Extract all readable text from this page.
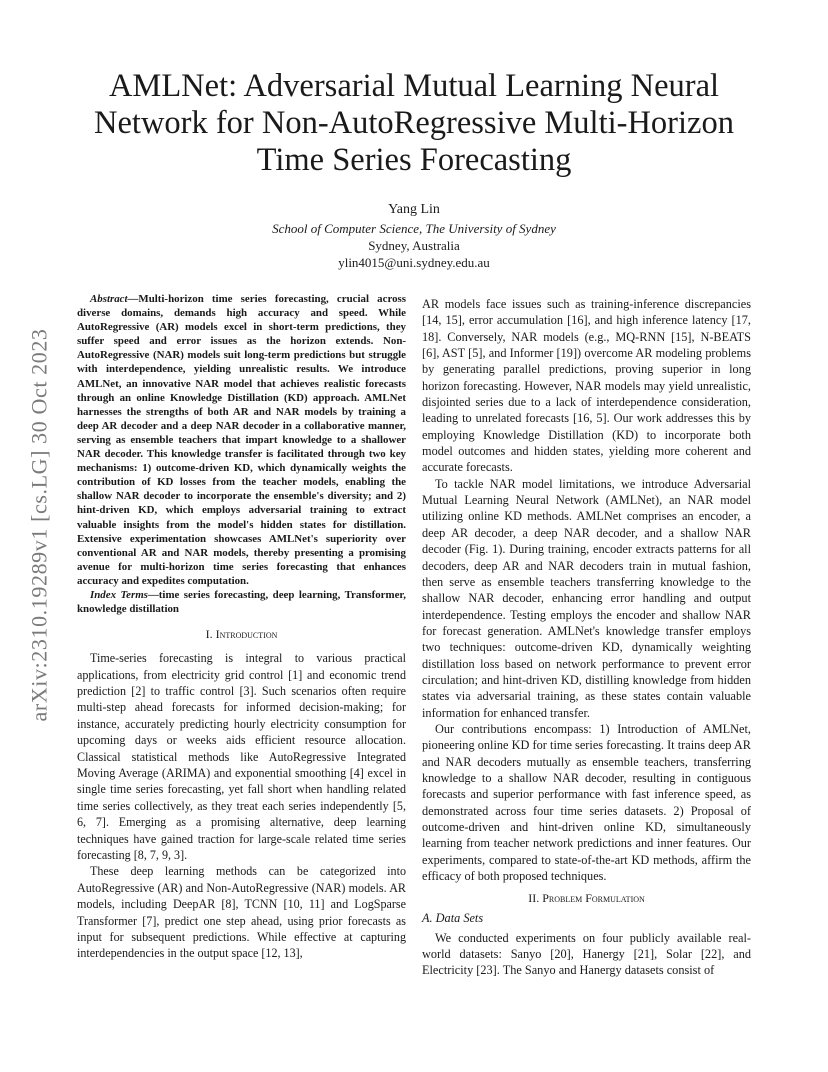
arXiv:2310.19289v1 [cs.LG] 30 Oct 2023
AMLNet: Adversarial Mutual Learning Neural Network for Non-AutoRegressive Multi-Horizon Time Series Forecasting
Yang Lin
School of Computer Science, The University of Sydney
Sydney, Australia
ylin4015@uni.sydney.edu.au

Abstract—Multi-horizon time series forecasting, crucial across diverse domains, demands high accuracy and speed. While AutoRegressive (AR) models excel in short-term predictions, they suffer speed and error issues as the horizon extends. Non-AutoRegressive (NAR) models suit long-term predictions but struggle with interdependence, yielding unrealistic results. We introduce AMLNet, an innovative NAR model that achieves realistic forecasts through an online Knowledge Distillation (KD) approach. AMLNet harnesses the strengths of both AR and NAR models by training a deep AR decoder and a deep NAR decoder in a collaborative manner, serving as ensemble teachers that impart knowledge to a shallower NAR decoder. This knowledge transfer is facilitated through two key mechanisms: 1) outcome-driven KD, which dynamically weights the contribution of KD losses from the teacher models, enabling the shallow NAR decoder to incorporate the ensemble's diversity; and 2) hint-driven KD, which employs adversarial training to extract valuable insights from the model's hidden states for distillation. Extensive experimentation showcases AMLNet's superiority over conventional AR and NAR models, thereby presenting a promising avenue for multi-horizon time series forecasting that enhances accuracy and expedites computation.

Index Terms—time series forecasting, deep learning, Transformer, knowledge distillation

I. Introduction

Time-series forecasting is integral to various practical applications, from electricity grid control [1] and economic trend prediction [2] to traffic control [3]. Such scenarios often require multi-step ahead forecasts for informed decision-making; for instance, accurately predicting hourly electricity consumption for upcoming days or weeks aids efficient resource allocation. Classical statistical methods like AutoRegressive Integrated Moving Average (ARIMA) and exponential smoothing [4] excel in single time series forecasting, yet fall short when handling related time series collectively, as they treat each series independently [5, 6, 7]. Emerging as a promising alternative, deep learning techniques have gained traction for large-scale related time series forecasting [8, 7, 9, 3].

These deep learning methods can be categorized into AutoRegressive (AR) and Non-AutoRegressive (NAR) models. AR models, including DeepAR [8], TCNN [10, 11] and LogSparse Transformer [7], predict one step ahead, using prior forecasts as input for subsequent predictions. While effective at capturing interdependencies in the output space [12, 13],

AR models face issues such as training-inference discrepancies [14, 15], error accumulation [16], and high inference latency [17, 18]. Conversely, NAR models (e.g., MQ-RNN [15], N-BEATS [6], AST [5], and Informer [19]) overcome AR modeling problems by generating parallel predictions, proving superior in long horizon forecasting. However, NAR models may yield unrealistic, disjointed series due to a lack of interdependence consideration, leading to unrelated forecasts [16, 5]. Our work addresses this by employing Knowledge Distillation (KD) to incorporate both model outcomes and hidden states, yielding more coherent and accurate forecasts.

To tackle NAR model limitations, we introduce Adversarial Mutual Learning Neural Network (AMLNet), an NAR model utilizing online KD methods. AMLNet comprises an encoder, a deep AR decoder, a deep NAR decoder, and a shallow NAR decoder (Fig. 1). During training, encoder extracts patterns for all decoders, deep AR and NAR decoders train in mutual fashion, then serve as ensemble teachers transferring knowledge to the shallow NAR decoder, enhancing error handling and output interdependence. Testing employs the encoder and shallow NAR for forecast generation. AMLNet's knowledge transfer employs two techniques: outcome-driven KD, dynamically weighting distillation loss based on network performance to prevent error circulation; and hint-driven KD, distilling knowledge from hidden states via adversarial training, as these states contain valuable information for enhanced transfer.

Our contributions encompass: 1) Introduction of AMLNet, pioneering online KD for time series forecasting. It trains deep AR and NAR decoders mutually as ensemble teachers, transferring knowledge to a shallow NAR decoder, resulting in contiguous forecasts and superior performance with fast inference speed, as demonstrated across four time series datasets. 2) Proposal of outcome-driven and hint-driven online KD, simultaneously learning from teacher network predictions and inner features. Our experiments, compared to state-of-the-art KD methods, affirm the efficacy of both proposed techniques.

II. Problem Formulation
A. Data Sets

We conducted experiments on four publicly available real-world datasets: Sanyo [20], Hanergy [21], Solar [22], and Electricity [23]. The Sanyo and Hanergy datasets consist of
